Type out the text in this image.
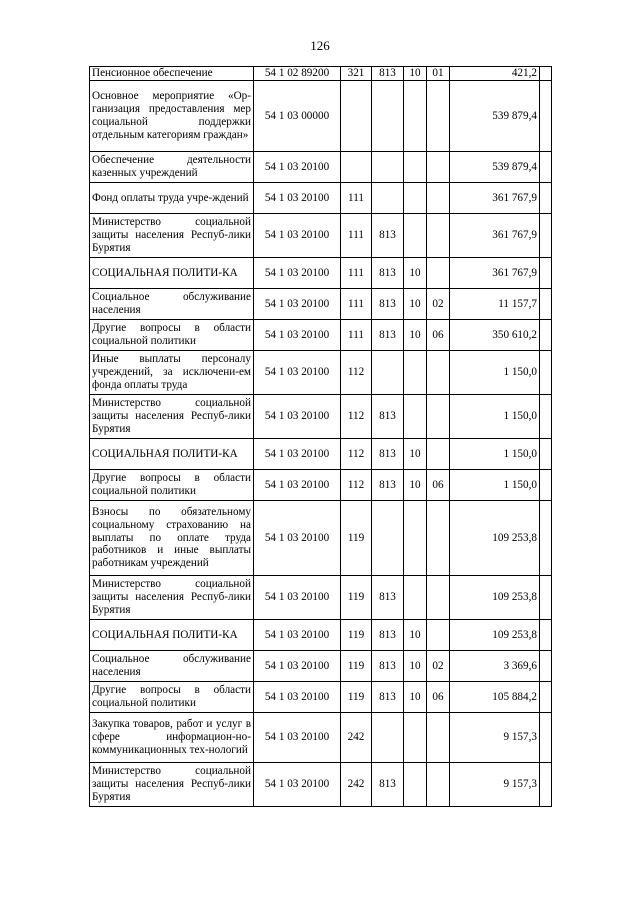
126
Пенсионное обеспечение	54 1 02 89200	321	813	10	01	421,2	
Основное мероприятие «Ор-ганизация предоставления мер социальной поддержки отдельным категориям граждан»	54 1 03 00000					539 879,4	
Обеспечение деятельности казенных учреждений	54 1 03 20100					539 879,4	
Фонд оплаты труда учре-ждений	54 1 03 20100	111				361 767,9	
Министерство социальной защиты населения Респуб-лики Бурятия	54 1 03 20100	111	813			361 767,9	
СОЦИАЛЬНАЯ ПОЛИТИ-КА	54 1 03 20100	111	813	10		361 767,9	
Социальное обслуживание населения	54 1 03 20100	111	813	10	02	11 157,7	
Другие вопросы в области социальной политики	54 1 03 20100	111	813	10	06	350 610,2	
Иные выплаты персоналу учреждений, за исключени-ем фонда оплаты труда	54 1 03 20100	112				1 150,0	
Министерство социальной защиты населения Респуб-лики Бурятия	54 1 03 20100	112	813			1 150,0	
СОЦИАЛЬНАЯ ПОЛИТИ-КА	54 1 03 20100	112	813	10		1 150,0	
Другие вопросы в области социальной политики	54 1 03 20100	112	813	10	06	1 150,0	
Взносы по обязательному социальному страхованию на выплаты по оплате труда работников и иные выплаты работникам учреждений	54 1 03 20100	119				109 253,8	
Министерство социальной защиты населения Респуб-лики Бурятия	54 1 03 20100	119	813			109 253,8	
СОЦИАЛЬНАЯ ПОЛИТИ-КА	54 1 03 20100	119	813	10		109 253,8	
Социальное обслуживание населения	54 1 03 20100	119	813	10	02	3 369,6	
Другие вопросы в области социальной политики	54 1 03 20100	119	813	10	06	105 884,2	
Закупка товаров, работ и услуг в сфере информацион-но-коммуникационных тех-нологий	54 1 03 20100	242				9 157,3	
Министерство социальной защиты населения Респуб-лики Бурятия	54 1 03 20100	242	813			9 157,3	
